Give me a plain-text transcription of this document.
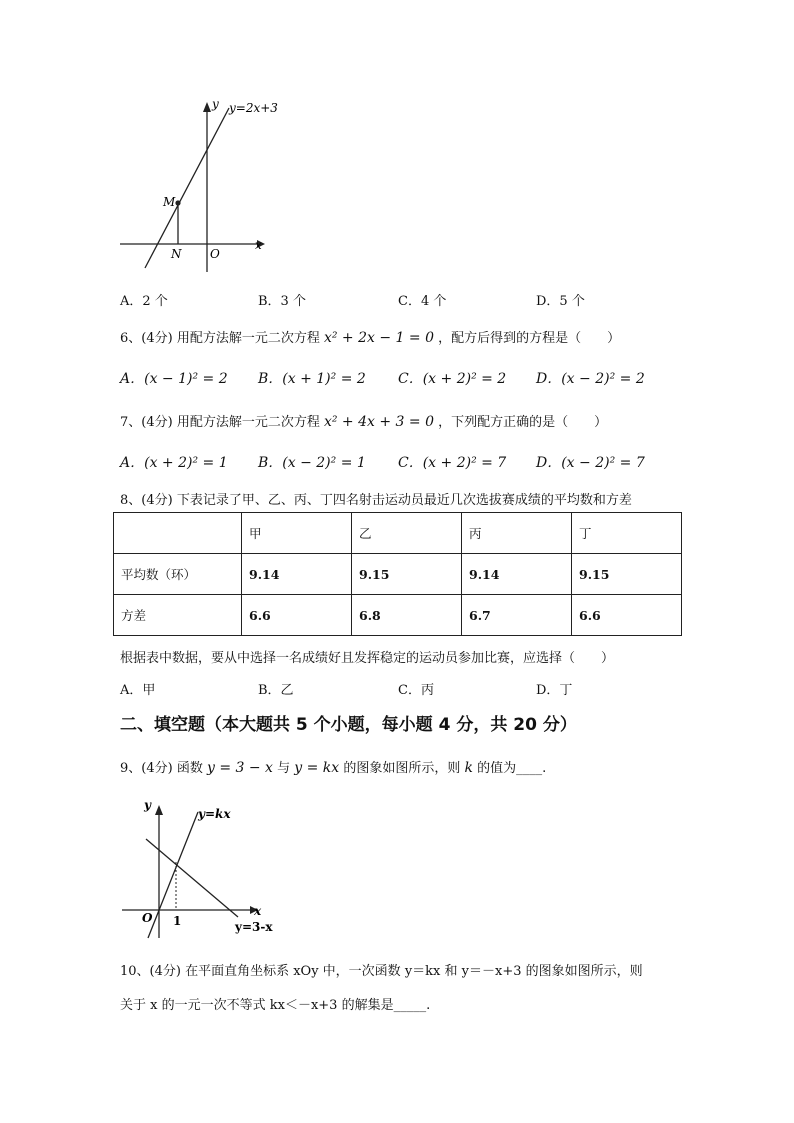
y=2x+3
y
x
M
N O
A．2 个	B．3 个	C．4 个	D．5 个
6、(4分) 用配方法解一元二次方程 x² + 2x − 1 = 0 ，配方后得到的方程是（　　）
A．(x − 1)² = 2 B．(x + 1)² = 2 C．(x + 2)² = 2 D．(x − 2)² = 2
7、(4分) 用配方法解一元二次方程 x² + 4x + 3 = 0 ，下列配方正确的是（　　）
A．(x + 2)² = 1 B．(x − 2)² = 1 C．(x + 2)² = 7 D．(x − 2)² = 7
8、(4分) 下表记录了甲、乙、丙、丁四名射击运动员最近几次选拔赛成绩的平均数和方差
	甲	乙	丙	丁
平均数（环）	9.14	9.15	9.14	9.15
方差	6.6	6.8	6.7	6.6
根据表中数据，要从中选择一名成绩好且发挥稳定的运动员参加比赛，应选择（　　）
A．甲	B．乙	C．丙	D．丁
二、填空题（本大题共 5 个小题，每小题 4 分，共 20 分）
9、(4分) 函数 y = 3 − x 与 y = kx 的图象如图所示，则 k 的值为____.
y=kx
y=3-x
y
x
O 1
10、(4分) 在平面直角坐标系 xOy 中，一次函数 y＝kx 和 y＝－x+3 的图象如图所示，则
关于 x 的一元一次不等式 kx＜－x+3 的解集是_____.
